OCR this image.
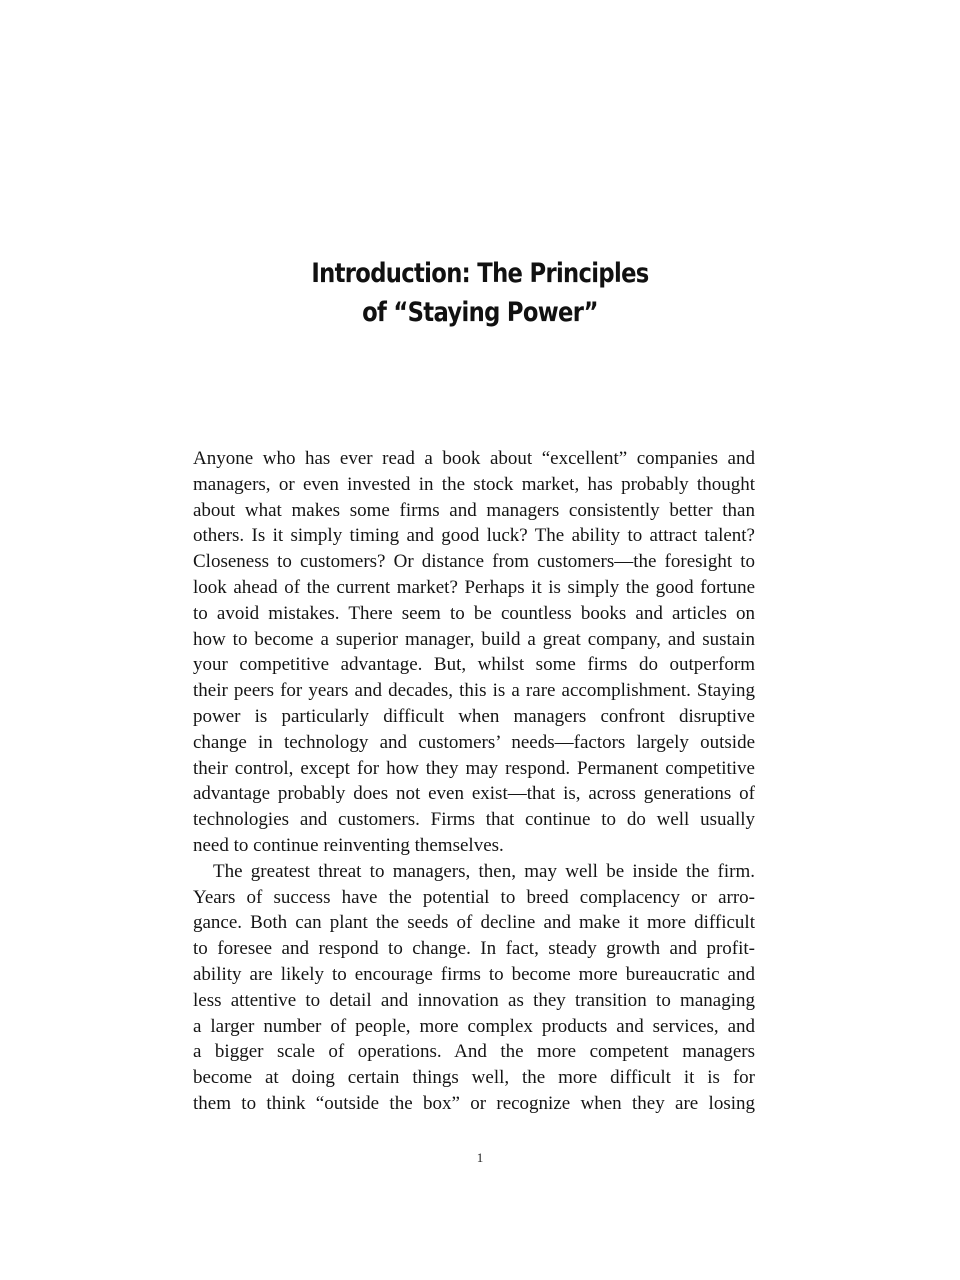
Introduction: The Principles
of “Staying Power”

Anyone who has ever read a book about “excellent” companies and
managers, or even invested in the stock market, has probably thought
about what makes some firms and managers consistently better than
others. Is it simply timing and good luck? The ability to attract talent?
Closeness to customers? Or distance from customers—the foresight to
look ahead of the current market? Perhaps it is simply the good fortune
to avoid mistakes. There seem to be countless books and articles on
how to become a superior manager, build a great company, and sustain
your competitive advantage. But, whilst some firms do outperform
their peers for years and decades, this is a rare accomplishment. Staying
power is particularly difficult when managers confront disruptive
change in technology and customers’ needs—factors largely outside
their control, except for how they may respond. Permanent competitive
advantage probably does not even exist—that is, across generations of
technologies and customers. Firms that continue to do well usually
need to continue reinventing themselves.

The greatest threat to managers, then, may well be inside the firm.
Years of success have the potential to breed complacency or arro-
gance. Both can plant the seeds of decline and make it more difficult
to foresee and respond to change. In fact, steady growth and profit-
ability are likely to encourage firms to become more bureaucratic and
less attentive to detail and innovation as they transition to managing
a larger number of people, more complex products and services, and
a bigger scale of operations. And the more competent managers
become at doing certain things well, the more difficult it is for
them to think “outside the box” or recognize when they are losing

1
